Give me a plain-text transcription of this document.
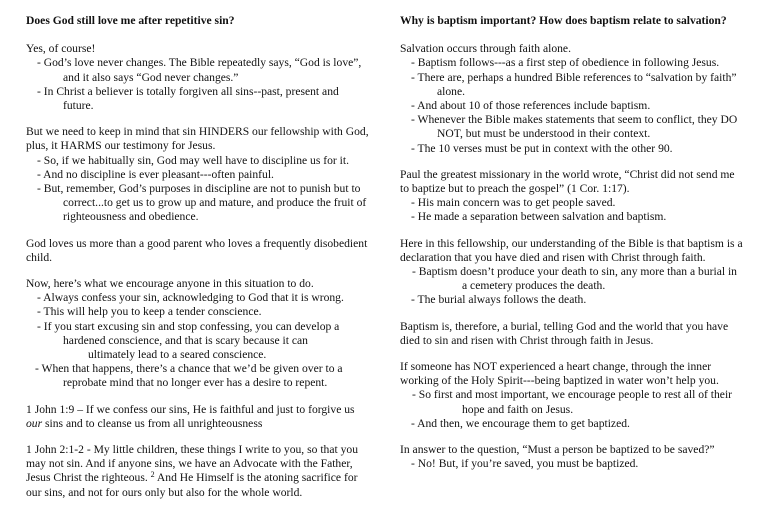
Does God still love me after repetitive sin?

Yes, of course!

- God’s love never changes. The Bible repeatedly says, “God is love”, and it also says “God never changes.”

- In Christ a believer is totally forgiven all sins--past, present and future.

But we need to keep in mind that sin HINDERS our fellowship with God, plus, it HARMS our testimony for Jesus.

- So, if we habitually sin, God may well have to discipline us for it.

- And no discipline is ever pleasant---often painful.

- But, remember, God’s purposes in discipline are not to punish but to correct...to get us to grow up and mature, and produce the fruit of righteousness and obedience.

God loves us more than a good parent who loves a frequently disobedient child.

Now, here’s what we encourage anyone in this situation to do.

- Always confess your sin, acknowledging to God that it is wrong.

- This will help you to keep a tender conscience.

- If you start excusing sin and stop confessing, you can develop a hardened conscience, and that is scary because it can

ultimately lead to a seared conscience.

- When that happens, there’s a chance that we’d be given over to a reprobate mind that no longer ever has a desire to repent.

1 John 1:9 – If we confess our sins, He is faithful and just to forgive us our sins and to cleanse us from all unrighteousness

1 John 2:1-2 - My little children, these things I write to you, so that you may not sin. And if anyone sins, we have an Advocate with the Father, Jesus Christ the righteous. $^2$ And He Himself is the atoning sacrifice for our sins, and not for ours only but also for the whole world.

Why is baptism important? How does baptism relate to salvation?

Salvation occurs through faith alone.

- Baptism follows---as a first step of obedience in following Jesus.

- There are, perhaps a hundred Bible references to “salvation by faith” alone.

- And about 10 of those references include baptism.

- Whenever the Bible makes statements that seem to conflict, they DO NOT, but must be understood in their context.

- The 10 verses must be put in context with the other 90.

Paul the greatest missionary in the world wrote, “Christ did not send me to baptize but to preach the gospel” (1 Cor. 1:17).

- His main concern was to get people saved.

- He made a separation between salvation and baptism.

Here in this fellowship, our understanding of the Bible is that baptism is a declaration that you have died and risen with Christ through faith.

- Baptism doesn’t produce your death to sin, any more than a burial in a cemetery produces the death.

- The burial always follows the death.

Baptism is, therefore, a burial, telling God and the world that you have died to sin and risen with Christ through faith in Jesus.

If someone has NOT experienced a heart change, through the inner working of the Holy Spirit---being baptized in water won’t help you.

- So first and most important, we encourage people to rest all of their hope and faith on Jesus.

- And then, we encourage them to get baptized.

In answer to the question, “Must a person be baptized to be saved?”

- No! But, if you’re saved, you must be baptized.
